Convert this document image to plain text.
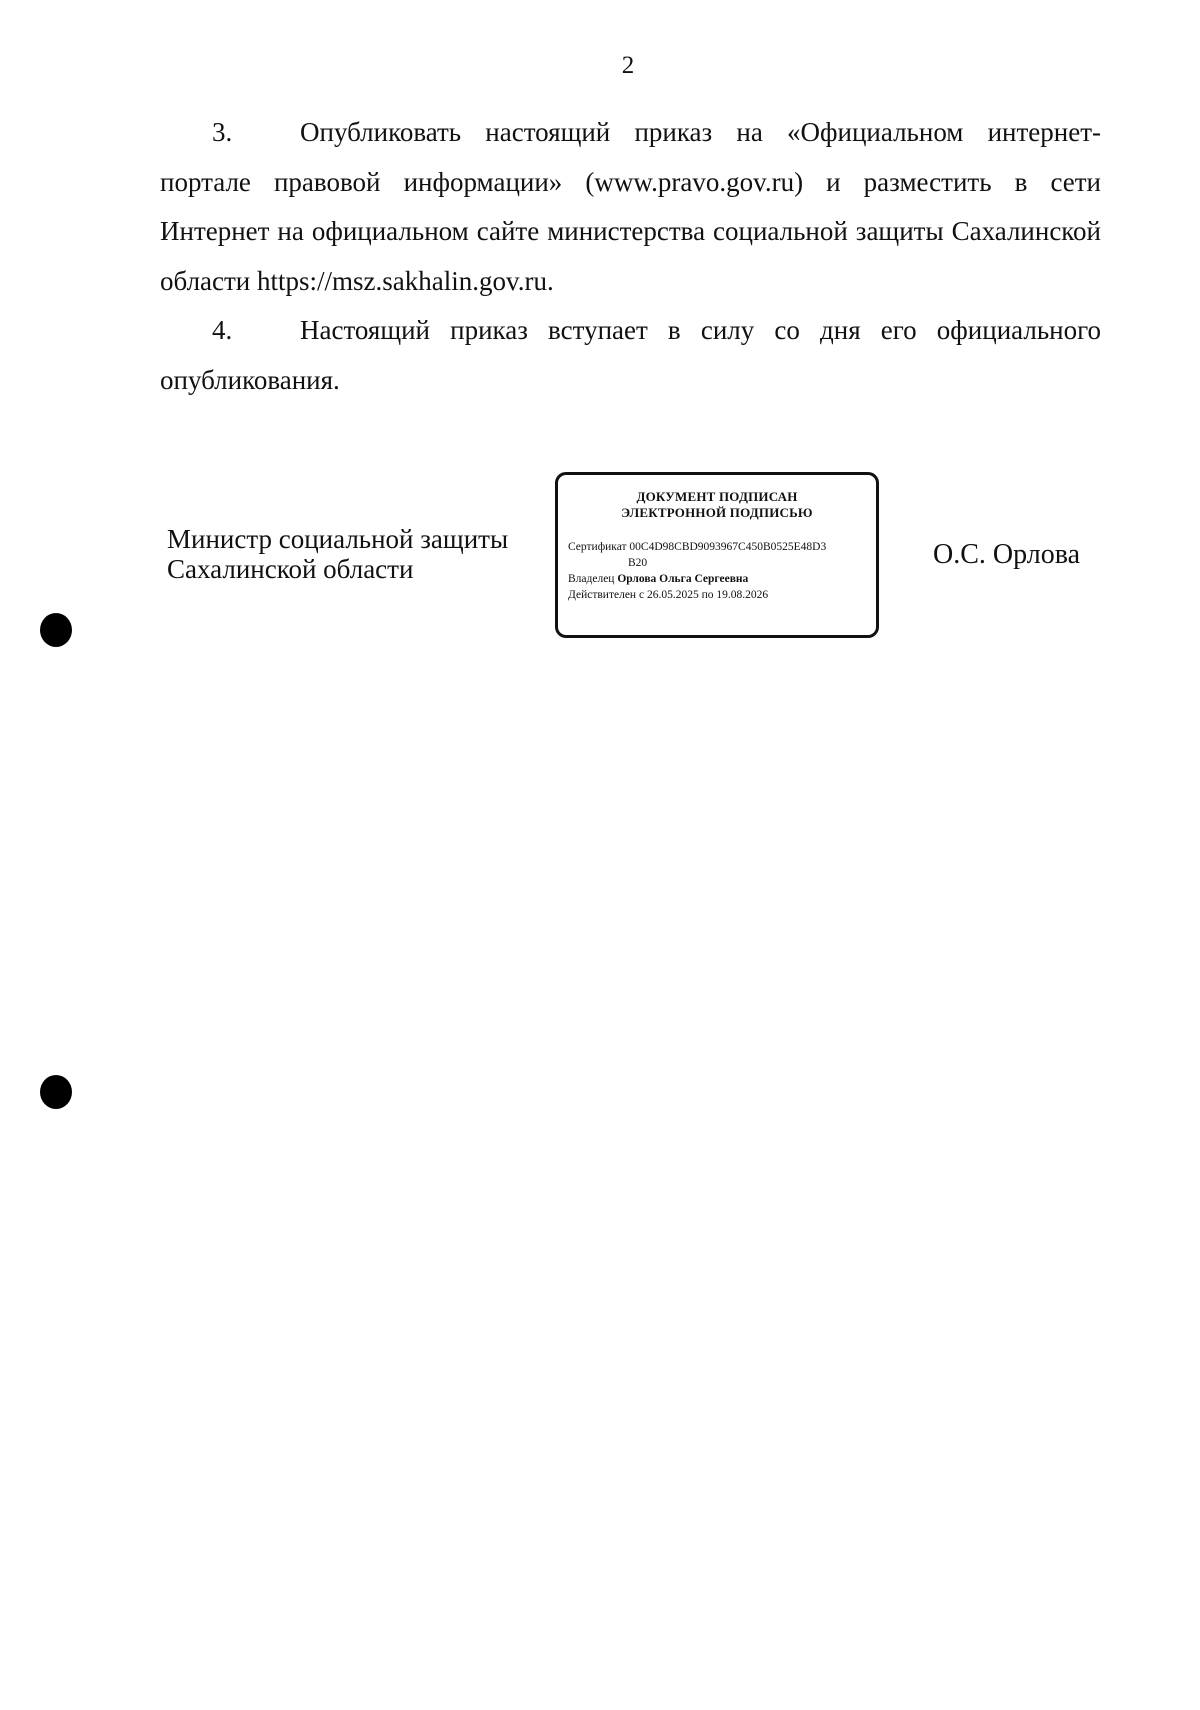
2

3.	Опубликовать настоящий приказ на «Официальном интернет-портале правовой информации» (www.pravo.gov.ru) и разместить в сети Интернет на официальном сайте министерства социальной защиты Сахалинской области https://msz.sakhalin.gov.ru.

4.	Настоящий приказ вступает в силу со дня его официального опубликования.

Министр социальной защиты
Сахалинской области
ДОКУМЕНТ ПОДПИСАН
ЭЛЕКТРОННОЙ ПОДПИСЬЮ
Сертификат 00C4D98CBD9093967C450B0525E48D3
B20
Владелец Орлова Ольга Сергеевна
Действителен с 26.05.2025 по 19.08.2026
О.С. Орлова
